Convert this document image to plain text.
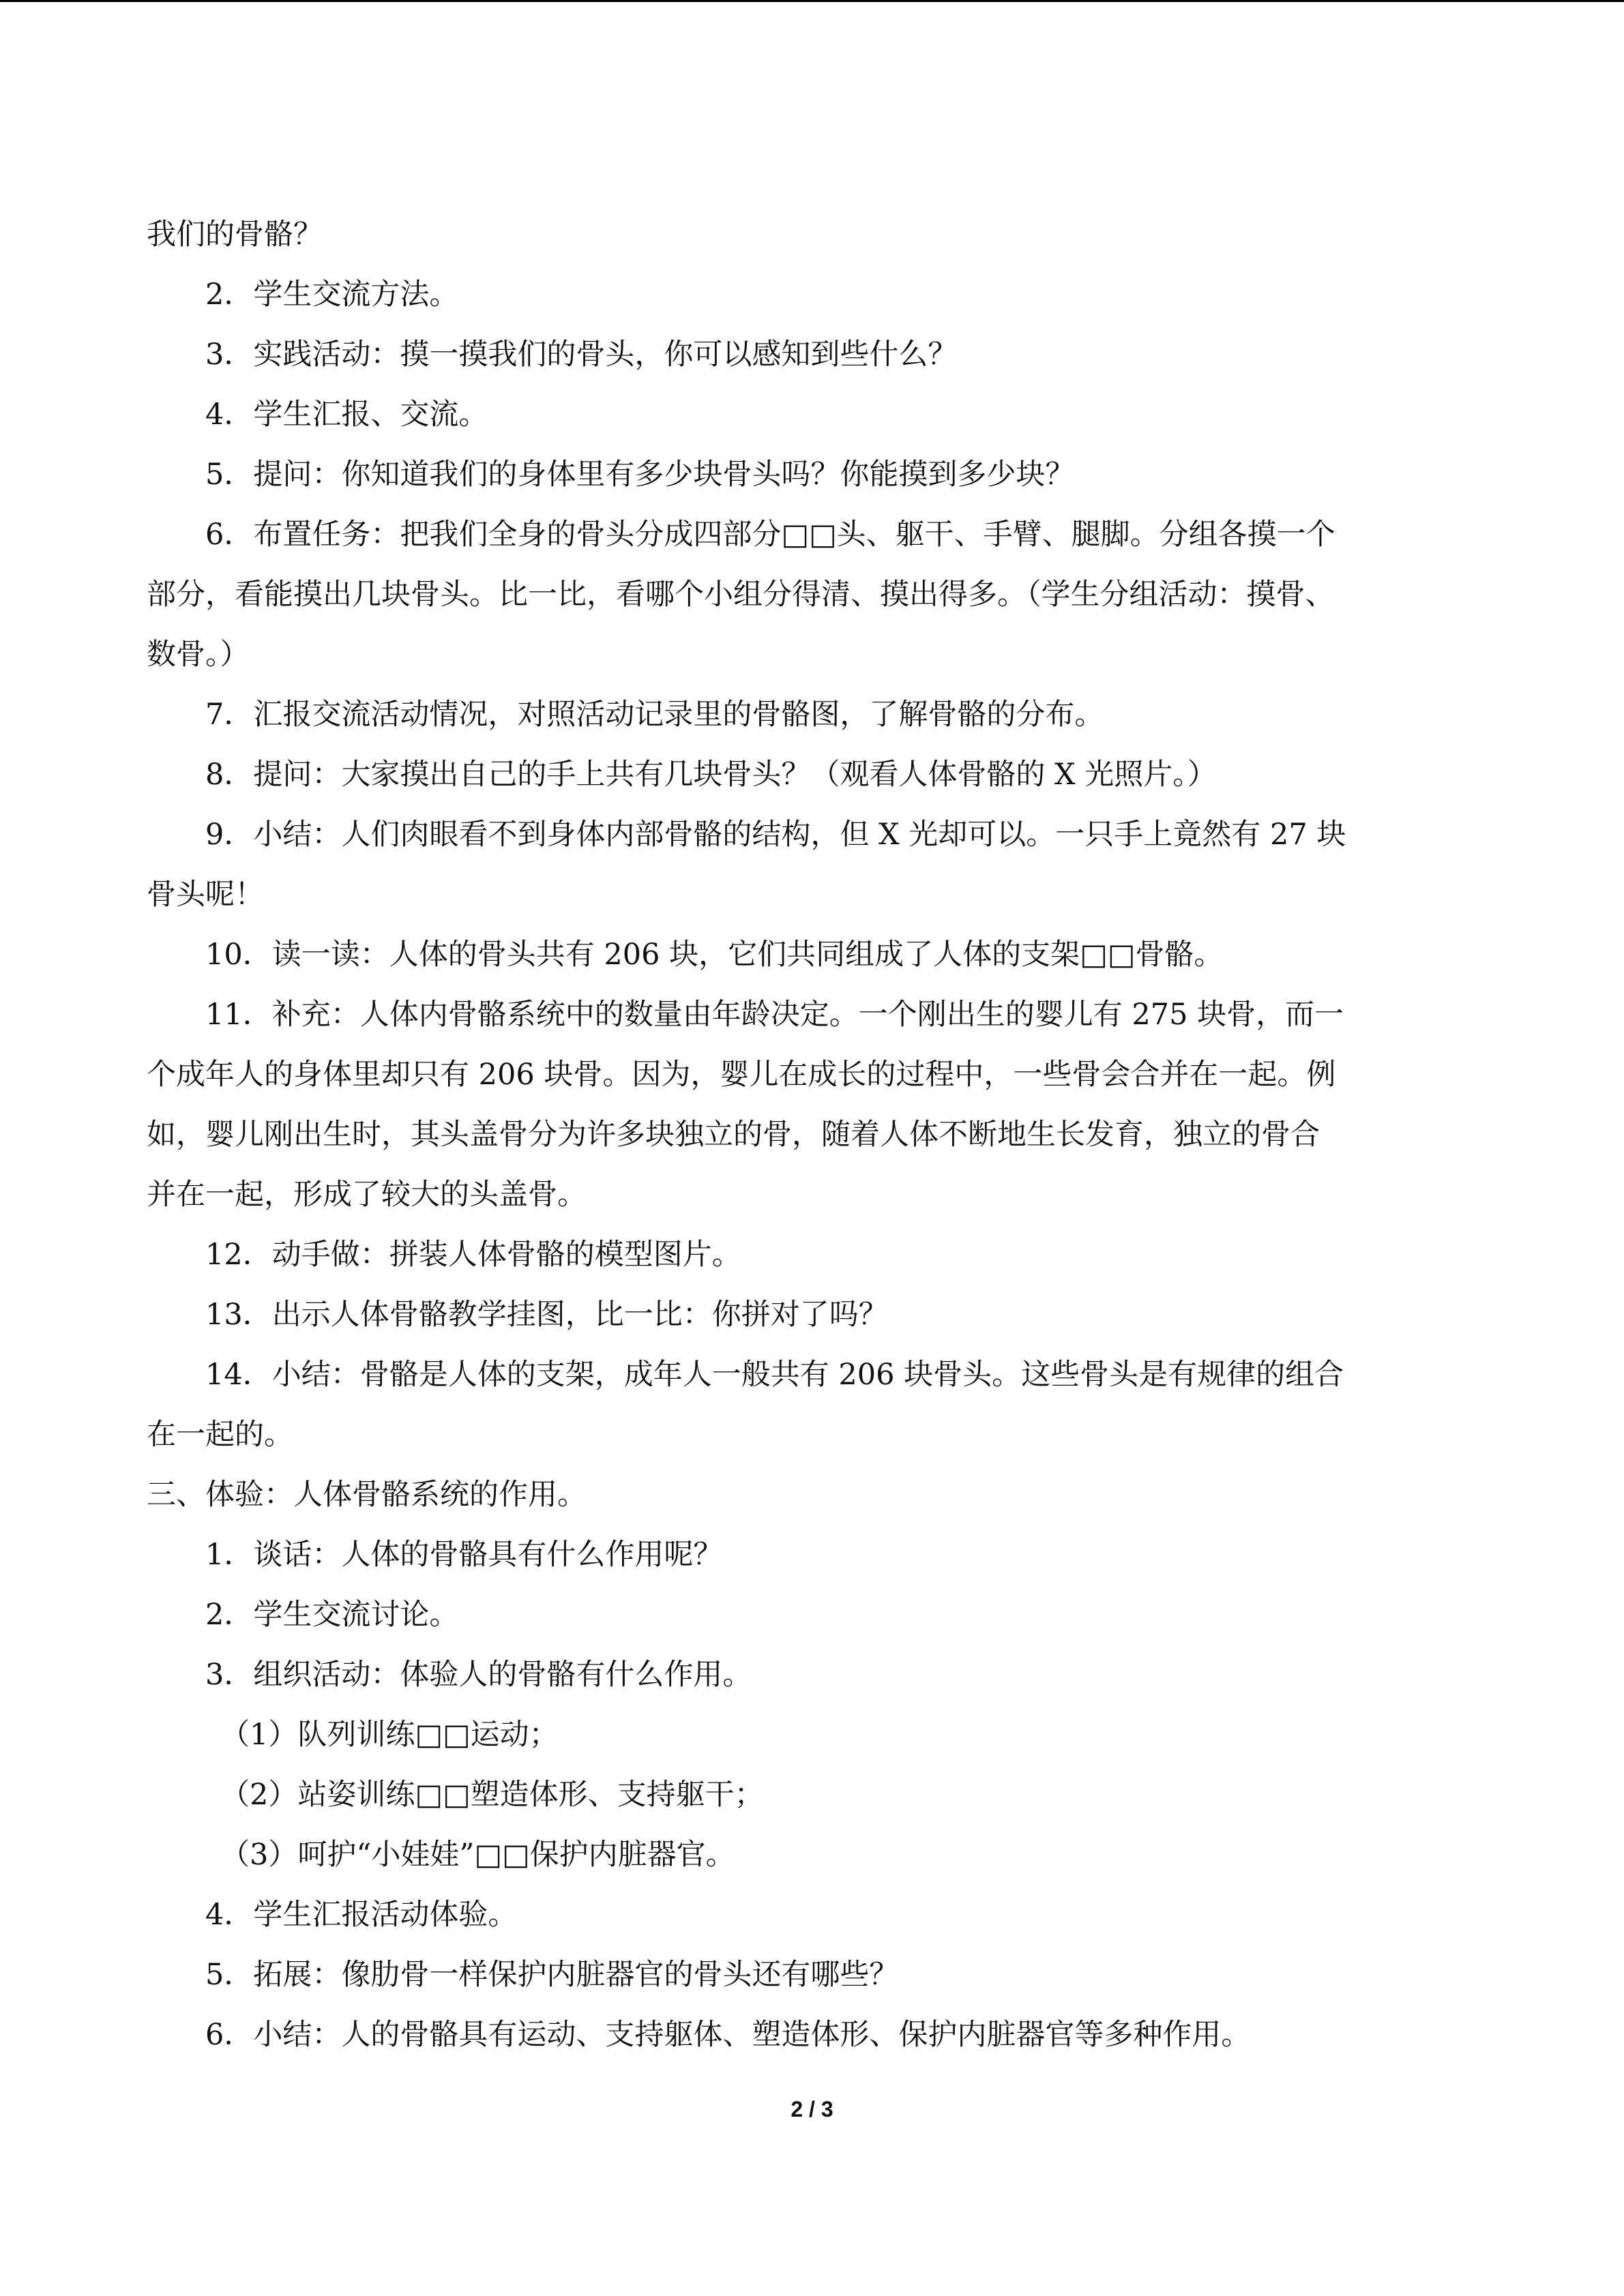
我们的骨骼？

2．学生交流方法。

3．实践活动：摸一摸我们的骨头，你可以感知到些什么？

4．学生汇报、交流。

5．提问：你知道我们的身体里有多少块骨头吗？你能摸到多少块？

6．布置任务：把我们全身的骨头分成四部分□□头、躯干、手臂、腿脚。分组各摸一个

部分，看能摸出几块骨头。比一比，看哪个小组分得清、摸出得多。（学生分组活动：摸骨、

数骨。）

7．汇报交流活动情况，对照活动记录里的骨骼图，了解骨骼的分布。

8．提问：大家摸出自己的手上共有几块骨头？（观看人体骨骼的 X 光照片。）

9．小结：人们肉眼看不到身体内部骨骼的结构，但 X 光却可以。一只手上竟然有 27 块

骨头呢！

10．读一读：人体的骨头共有 206 块，它们共同组成了人体的支架□□骨骼。

11．补充：人体内骨骼系统中的数量由年龄决定。一个刚出生的婴儿有 275 块骨，而一

个成年人的身体里却只有 206 块骨。因为，婴儿在成长的过程中，一些骨会合并在一起。例

如，婴儿刚出生时，其头盖骨分为许多块独立的骨，随着人体不断地生长发育，独立的骨合

并在一起，形成了较大的头盖骨。

12．动手做：拼装人体骨骼的模型图片。

13．出示人体骨骼教学挂图，比一比：你拼对了吗？

14．小结：骨骼是人体的支架，成年人一般共有 206 块骨头。这些骨头是有规律的组合

在一起的。

三、体验：人体骨骼系统的作用。

1．谈话：人体的骨骼具有什么作用呢？

2．学生交流讨论。

3．组织活动：体验人的骨骼有什么作用。

（1）队列训练□□运动；

（2）站姿训练□□塑造体形、支持躯干；

（3）呵护“小娃娃”□□保护内脏器官。

4．学生汇报活动体验。

5．拓展：像肋骨一样保护内脏器官的骨头还有哪些？

6．小结：人的骨骼具有运动、支持躯体、塑造体形、保护内脏器官等多种作用。

2 / 3
